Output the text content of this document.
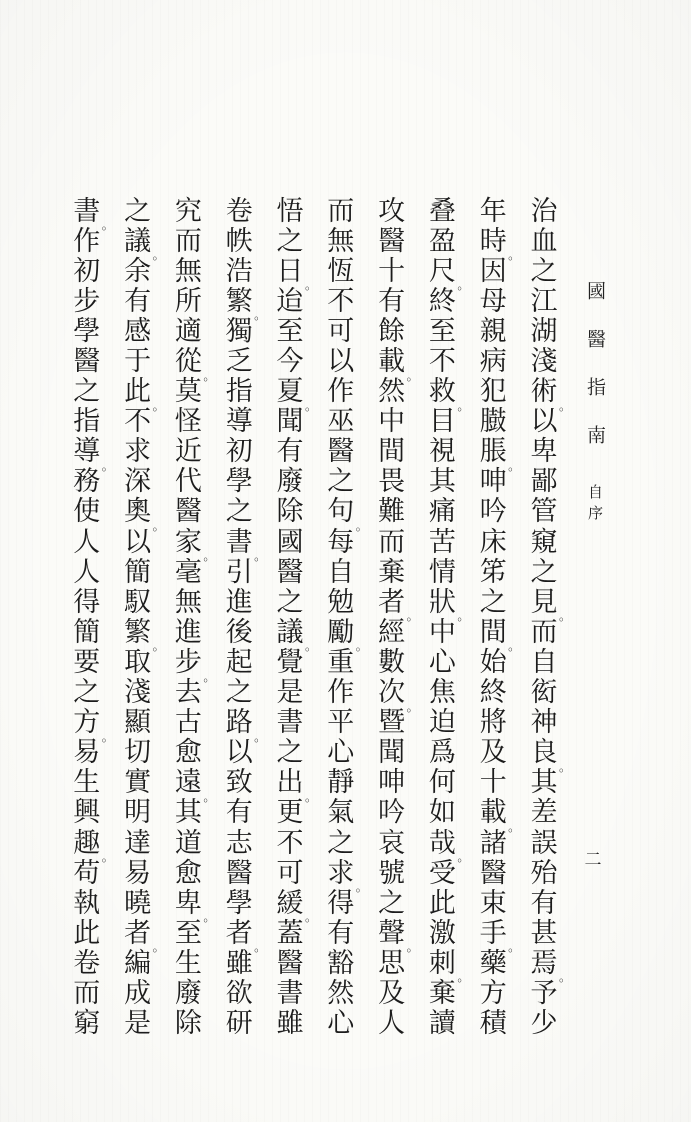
國醫指南
自序
二
治
血
之
江
湖
淺
術 。
以
卑
鄙
管
窺
之
見 。
而
自
衒
神
良 。
其
差
誤
殆
有
甚
焉 。
予
少
年
時 。
因
母
親
病
犯
臌
脹 。
呻
吟
床
笫
之
間 。
始
終
將
及
十
載 。
諸
醫
束
手 。
藥
方
積
叠
盈
尺 。
終
至
不
救 。
目
視
其
痛
苦
情
狀 。
中
心
焦
迫
爲
何
如
哉 。
受
此
激
刺 。
棄
讀
攻
醫
十
有
餘
載 。
然
中
間
畏
難
而
棄
者 。
經
數
次 。
暨
聞
呻
吟
哀
號
之
聲 。
思
及
人
而
無
恆
不
可
以
作
巫
醫
之
句 。
每
自
勉
勵 。
重
作
平
心
靜
氣
之
求 。
得
有
豁
然
心
悟
之
日 。
迨
至
今
夏 。
聞
有
廢
除
國
醫
之
議 。
覺
是
書
之
出 。
更
不
可
緩 。
蓋
醫
書
雖
卷
帙
浩
繁 。
獨
乏
指
導
初
學
之
書 。
引
進
後
起
之
路 。
以
致
有
志
醫
學
者 。
雖
欲
研
究
而
無
所
適
從 。
莫
怪
近
代
醫
家 。
毫
無
進
步 。
去
古
愈
遠 。
其
道
愈
卑 。
至
生
廢
除
之
議 。
余
有
感
于
此 。
不
求
深
奧 。
以
簡
馭
繁 。
取
淺
顯
切
實
明
達
易
曉
者 。
編
成
是
書 。
作
初
步
學
醫
之
指
導 。
務
使
人
人
得
簡
要
之
方 。
易
生
興
趣 。
苟
執
此
卷
而
窮
